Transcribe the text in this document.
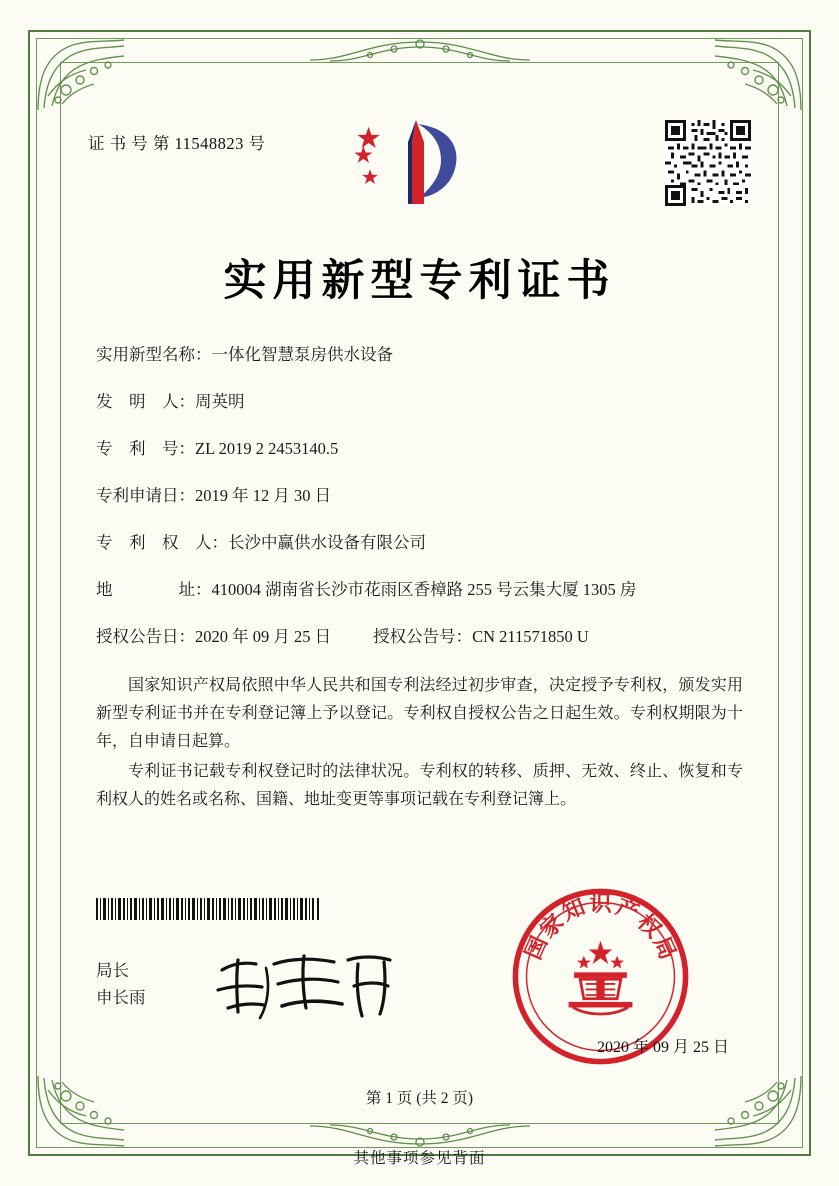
证 书 号 第 11548823 号
实用新型专利证书
实用新型名称： 一体化智慧泵房供水设备
发　明　人： 周英明
专　利　号： ZL 2019 2 2453140.5
专利申请日： 2019 年 12 月 30 日
专　利　权　人： 长沙中赢供水设备有限公司
地　　　　址： 410004 湖南省长沙市花雨区香樟路 255 号云集大厦 1305 房
授权公告日： 2020 年 09 月 25 日	授权公告号： CN 211571850 U

国家知识产权局依照中华人民共和国专利法经过初步审查，决定授予专利权，颁发实用新型专利证书并在专利登记簿上予以登记。专利权自授权公告之日起生效。专利权期限为十年，自申请日起算。

专利证书记载专利权登记时的法律状况。专利权的转移、质押、无效、终止、恢复和专利权人的姓名或名称、国籍、地址变更等事项记载在专利登记簿上。

局长
申长雨
国
家
知 识 产
权
局
2020 年 09 月 25 日
第 1 页 (共 2 页)
其他事项参见背面
